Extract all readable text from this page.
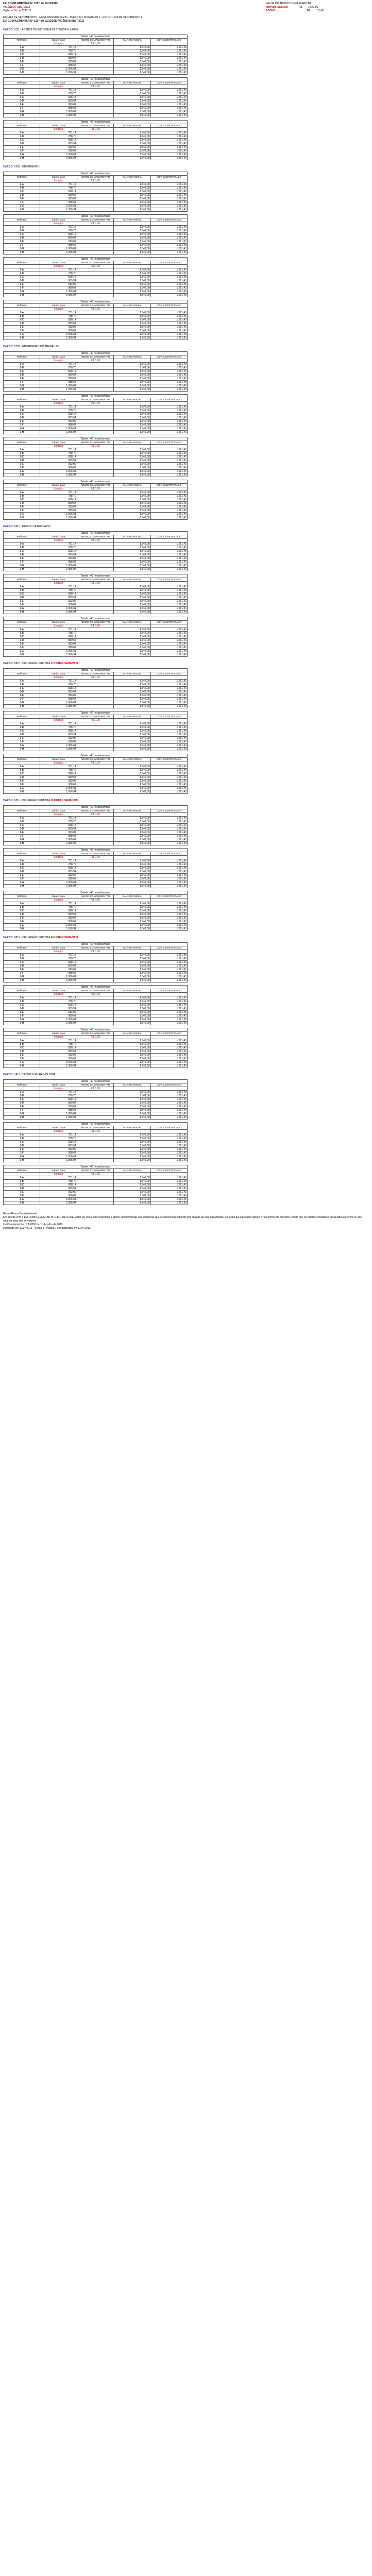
LEI COMPLEMENTAR Nº 1217, de 02/11/2013
VIGÊNCIA: 01/07/2013
Vigência Da Lei 1217/13
VALOR DO ABONO COMPLEMENTAR
Intervalo Saláriais	R$ 1.542,00
ABONO	R$ 110,00
ESCALA DE VENCIMENTOS - NÍVEL UNIVERSITÁRIO - ANEXO IV / SUBANEXO II - ESTRUTURA DE VENCIMENTO I
LEI COMPLEMENTAR Nº 1217, de 02/11/2013 VIGÊNCIA 01/07/2013
CARGO: 0111 - AGENTE TÉCNICO DE ASSISTÊNCIA À SAÚDE
Tabela - 40 horas/semana				
Ref/Grau	Salário base	ABONO COMPLEMENTAR	SALÁRIO INICIAL	100% C/CERTIFICADO
	Lotação	R$ 0,00		
1-A	751,14		1.542,00	1.661,43
1-B	788,70		1.542,00	1.661,43
1-C	828,14		1.542,00	1.661,43
1-D	869,54		1.542,00	1.661,43
1-E	913,02		1.542,00	1.661,43
1-F	958,67		1.542,00	1.661,43
1-G	1.006,61		1.542,00	1.661,43
1-H	1.056,94		1.542,00	1.661,43
Tabela - 40 horas/semana				
Ref/Grau	Salário base	ABONO COMPLEMENTAR	SALÁRIO INICIAL	100% C/CERTIFICADO
	Lotação	R$ 0,00		
1-A	751,14		1.542,00	1.661,43
1-B	788,70		1.542,00	1.661,43
1-C	828,14		1.542,00	1.661,43
1-D	869,54		1.542,00	1.661,43
1-E	913,02		1.542,00	1.661,43
1-F	958,67		1.542,00	1.661,43
1-G	1.006,61		1.542,00	1.661,43
1-H	1.056,94		1.542,00	1.661,43
Tabela - 40 horas/semana				
Ref/Grau	Salário base	ABONO COMPLEMENTAR	SALÁRIO INICIAL	100% C/CERTIFICADO
	Lotação	R$ 0,00		
1-A	751,14		1.542,00	1.661,43
1-B	788,70		1.542,00	1.661,43
1-C	828,14		1.542,00	1.661,43
1-D	869,54		1.542,00	1.661,43
1-E	913,02		1.542,00	1.661,43
1-F	958,67		1.542,00	1.661,43
1-G	1.006,61		1.542,00	1.661,43
1-H	1.056,94		1.542,00	1.661,43
CARGO: 0236 - ENFERMEIRO
Tabela - 40 horas/semana				
Ref/Grau	Salário base	ABONO COMPLEMENTAR	SALÁRIO INICIAL	100% C/CERTIFICADO
	Lotação	R$ 0,00		
1-A	751,14		1.542,00	1.661,43
1-B	788,70		1.542,00	1.661,43
1-C	828,14		1.542,00	1.661,43
1-D	869,54		1.542,00	1.661,43
1-E	913,02		1.542,00	1.661,43
1-F	958,67		1.542,00	1.661,43
1-G	1.006,61		1.542,00	1.661,43
1-H	1.056,94		1.542,00	1.661,43
Tabela - 40 horas/semana				
Ref/Grau	Salário base	ABONO COMPLEMENTAR	SALÁRIO INICIAL	100% C/CERTIFICADO
	Lotação	R$ 0,00		
1-A	751,14		1.542,00	1.661,43
1-B	788,70		1.542,00	1.661,43
1-C	828,14		1.542,00	1.661,43
1-D	869,54		1.542,00	1.661,43
1-E	913,02		1.542,00	1.661,43
1-F	958,67		1.542,00	1.661,43
1-G	1.006,61		1.542,00	1.661,43
1-H	1.056,94		1.542,00	1.661,43
Tabela - 40 horas/semana				
Ref/Grau	Salário base	ABONO COMPLEMENTAR	SALÁRIO INICIAL	100% C/CERTIFICADO
	Lotação	R$ 0,00		
1-A	751,14		1.542,00	1.661,43
1-B	788,70		1.542,00	1.661,43
1-C	828,14		1.542,00	1.661,43
1-D	869,54		1.542,00	1.661,43
1-E	913,02		1.542,00	1.661,43
1-F	958,67		1.542,00	1.661,43
1-G	1.006,61		1.542,00	1.661,43
1-H	1.056,94		1.542,00	1.661,43
Tabela - 40 horas/semana				
Ref/Grau	Salário base	ABONO COMPLEMENTAR	SALÁRIO INICIAL	100% C/CERTIFICADO
	Lotação	R$ 0,00		
1-A	751,14		1.542,00	1.661,43
1-B	788,70		1.542,00	1.661,43
1-C	828,14		1.542,00	1.661,43
1-D	869,54		1.542,00	1.661,43
1-E	913,02		1.542,00	1.661,43
1-F	958,67		1.542,00	1.661,43
1-G	1.006,61		1.542,00	1.661,43
1-H	1.056,94		1.542,00	1.661,43
CARGO: 0238 - ENFERMEIRO DO TRABALHO
Tabela - 40 horas/semana				
Ref/Grau	Salário base	ABONO COMPLEMENTAR	SALÁRIO INICIAL	100% C/CERTIFICADO
	Lotação	R$ 0,00		
1-A	751,14		1.542,00	1.661,43
1-B	788,70		1.542,00	1.661,43
1-C	828,14		1.542,00	1.661,43
1-D	869,54		1.542,00	1.661,43
1-E	913,02		1.542,00	1.661,43
1-F	958,67		1.542,00	1.661,43
1-G	1.006,61		1.542,00	1.661,43
1-H	1.056,94		1.542,00	1.661,43
Tabela - 40 horas/semana				
Ref/Grau	Salário base	ABONO COMPLEMENTAR	SALÁRIO INICIAL	100% C/CERTIFICADO
	Lotação	R$ 0,00		
1-A	751,14		1.542,00	1.661,43
1-B	788,70		1.542,00	1.661,43
1-C	828,14		1.542,00	1.661,43
1-D	869,54		1.542,00	1.661,43
1-E	913,02		1.542,00	1.661,43
1-F	958,67		1.542,00	1.661,43
1-G	1.006,61		1.542,00	1.661,43
1-H	1.056,94		1.542,00	1.661,43
Tabela - 40 horas/semana				
Ref/Grau	Salário base	ABONO COMPLEMENTAR	SALÁRIO INICIAL	100% C/CERTIFICADO
	Lotação	R$ 0,00		
1-A	751,14		1.542,00	1.661,43
1-B	788,70		1.542,00	1.661,43
1-C	828,14		1.542,00	1.661,43
1-D	869,54		1.542,00	1.661,43
1-E	913,02		1.542,00	1.661,43
1-F	958,67		1.542,00	1.661,43
1-G	1.006,61		1.542,00	1.661,43
1-H	1.056,94		1.542,00	1.661,43
Tabela - 40 horas/semana				
Ref/Grau	Salário base	ABONO COMPLEMENTAR	SALÁRIO INICIAL	100% C/CERTIFICADO
	Lotação	R$ 0,00		
1-A	751,14		1.542,00	1.661,43
1-B	788,70		1.542,00	1.661,43
1-C	828,14		1.542,00	1.661,43
1-D	869,54		1.542,00	1.661,43
1-E	913,02		1.542,00	1.661,43
1-F	958,67		1.542,00	1.661,43
1-G	1.006,61		1.542,00	1.661,43
1-H	1.056,94		1.542,00	1.661,43
CARGO: 0411 - MÉDICO VETERINÁRIO
Tabela - 40 horas/semana				
Ref/Grau	Salário base	ABONO COMPLEMENTAR	SALÁRIO INICIAL	100% C/CERTIFICADO
	Lotação	R$ 0,00		
1-A	751,14		1.542,00	1.661,43
1-B	788,70		1.542,00	1.661,43
1-C	828,14		1.542,00	1.661,43
1-D	869,54		1.542,00	1.661,43
1-E	913,02		1.542,00	1.661,43
1-F	958,67		1.542,00	1.661,43
1-G	1.006,61		1.542,00	1.661,43
1-H	1.056,94		1.542,00	1.661,43
Tabela - 40 horas/semana				
Ref/Grau	Salário base	ABONO COMPLEMENTAR	SALÁRIO INICIAL	100% C/CERTIFICADO
	Lotação	R$ 0,00		
1-A	751,14		1.542,00	1.661,43
1-B	788,70		1.542,00	1.661,43
1-C	828,14		1.542,00	1.661,43
1-D	869,54		1.542,00	1.661,43
1-E	913,02		1.542,00	1.661,43
1-F	958,67		1.542,00	1.661,43
1-G	1.006,61		1.542,00	1.661,43
1-H	1.056,94		1.542,00	1.661,43
Tabela - 40 horas/semana				
Ref/Grau	Salário base	ABONO COMPLEMENTAR	SALÁRIO INICIAL	100% C/CERTIFICADO
	Lotação	R$ 0,00		
1-A	751,14		1.542,00	1.661,43
1-B	788,70		1.542,00	1.661,43
1-C	828,14		1.542,00	1.661,43
1-D	869,54		1.542,00	1.661,43
1-E	913,02		1.542,00	1.661,43
1-F	958,67		1.542,00	1.661,43
1-G	1.006,61		1.542,00	1.661,43
1-H	1.056,94		1.542,00	1.661,43
CARGO: 0810 - CIRURGIÃO DENTISTA 12 HORAS SEMANAIS
Tabela - 40 horas/semana				
Ref/Grau	Salário base	ABONO COMPLEMENTAR	SALÁRIO INICIAL	100% C/CERTIFICADO
	Lotação	R$ 0,00		
1-A	751,14		1.542,00	1.661,43
1-B	788,70		1.542,00	1.661,43
1-C	828,14		1.542,00	1.661,43
1-D	869,54		1.542,00	1.661,43
1-E	913,02		1.542,00	1.661,43
1-F	958,67		1.542,00	1.661,43
1-G	1.006,61		1.542,00	1.661,43
1-H	1.056,94		1.542,00	1.661,43
Tabela - 40 horas/semana				
Ref/Grau	Salário base	ABONO COMPLEMENTAR	SALÁRIO INICIAL	100% C/CERTIFICADO
	Lotação	R$ 0,00		
1-A	751,14		1.542,00	1.661,43
1-B	788,70		1.542,00	1.661,43
1-C	828,14		1.542,00	1.661,43
1-D	869,54		1.542,00	1.661,43
1-E	913,02		1.542,00	1.661,43
1-F	958,67		1.542,00	1.661,43
1-G	1.006,61		1.542,00	1.661,43
1-H	1.056,94		1.542,00	1.661,43
Tabela - 40 horas/semana				
Ref/Grau	Salário base	ABONO COMPLEMENTAR	SALÁRIO INICIAL	100% C/CERTIFICADO
	Lotação	R$ 0,00		
1-A	751,14		1.542,00	1.661,43
1-B	788,70		1.542,00	1.661,43
1-C	828,14		1.542,00	1.661,43
1-D	869,54		1.542,00	1.661,43
1-E	913,02		1.542,00	1.661,43
1-F	958,67		1.542,00	1.661,43
1-G	1.006,61		1.542,00	1.661,43
1-H	1.056,94		1.542,00	1.661,43
CARGO: 0811 - CIRURGIÃO DENTISTA 20 HORAS SEMANAIS
Tabela - 40 horas/semana				
Ref/Grau	Salário base	ABONO COMPLEMENTAR	SALÁRIO INICIAL	100% C/CERTIFICADO
	Lotação	R$ 0,00		
1-A	751,14		1.542,00	1.661,43
1-B	788,70		1.542,00	1.661,43
1-C	828,14		1.542,00	1.661,43
1-D	869,54		1.542,00	1.661,43
1-E	913,02		1.542,00	1.661,43
1-F	958,67		1.542,00	1.661,43
1-G	1.006,61		1.542,00	1.661,43
1-H	1.056,94		1.542,00	1.661,43
Tabela - 40 horas/semana				
Ref/Grau	Salário base	ABONO COMPLEMENTAR	SALÁRIO INICIAL	100% C/CERTIFICADO
	Lotação	R$ 0,00		
1-A	751,14		1.542,00	1.661,43
1-B	788,70		1.542,00	1.661,43
1-C	828,14		1.542,00	1.661,43
1-D	869,54		1.542,00	1.661,43
1-E	913,02		1.542,00	1.661,43
1-F	958,67		1.542,00	1.661,43
1-G	1.006,61		1.542,00	1.661,43
1-H	1.056,94		1.542,00	1.661,43
Tabela - 40 horas/semana				
Ref/Grau	Salário base	ABONO COMPLEMENTAR	SALÁRIO INICIAL	100% C/CERTIFICADO
	Lotação	R$ 0,00		
1-A	751,14		1.542,00	1.661,43
1-B	788,70		1.542,00	1.661,43
1-C	828,14		1.542,00	1.661,43
1-D	869,54		1.542,00	1.661,43
1-E	913,02		1.542,00	1.661,43
1-F	958,67		1.542,00	1.661,43
1-G	1.006,61		1.542,00	1.661,43
1-H	1.056,94		1.542,00	1.661,43
CARGO: 0812 - CIRURGIÃO DENTISTA 24 HORAS SEMANAIS
Tabela - 40 horas/semana				
Ref/Grau	Salário base	ABONO COMPLEMENTAR	SALÁRIO INICIAL	100% C/CERTIFICADO
	Lotação	R$ 0,00		
1-A	751,14		1.542,00	1.661,43
1-B	788,70		1.542,00	1.661,43
1-C	828,14		1.542,00	1.661,43
1-D	869,54		1.542,00	1.661,43
1-E	913,02		1.542,00	1.661,43
1-F	958,67		1.542,00	1.661,43
1-G	1.006,61		1.542,00	1.661,43
1-H	1.056,94		1.542,00	1.661,43
Tabela - 40 horas/semana				
Ref/Grau	Salário base	ABONO COMPLEMENTAR	SALÁRIO INICIAL	100% C/CERTIFICADO
	Lotação	R$ 0,00		
1-A	751,14		1.542,00	1.661,43
1-B	788,70		1.542,00	1.661,43
1-C	828,14		1.542,00	1.661,43
1-D	869,54		1.542,00	1.661,43
1-E	913,02		1.542,00	1.661,43
1-F	958,67		1.542,00	1.661,43
1-G	1.006,61		1.542,00	1.661,43
1-H	1.056,94		1.542,00	1.661,43
Tabela - 40 horas/semana				
Ref/Grau	Salário base	ABONO COMPLEMENTAR	SALÁRIO INICIAL	100% C/CERTIFICADO
	Lotação	R$ 0,00		
1-A	751,14		1.542,00	1.661,43
1-B	788,70		1.542,00	1.661,43
1-C	828,14		1.542,00	1.661,43
1-D	869,54		1.542,00	1.661,43
1-E	913,02		1.542,00	1.661,43
1-F	958,67		1.542,00	1.661,43
1-G	1.006,61		1.542,00	1.661,43
1-H	1.056,94		1.542,00	1.661,43
CARGO: 1412 - TÉCNICO EM RADIOLOGIA
Tabela - 40 horas/semana				
Ref/Grau	Salário base	ABONO COMPLEMENTAR	SALÁRIO INICIAL	100% C/CERTIFICADO
	Lotação	R$ 0,00		
1-A	751,14		1.542,00	1.661,43
1-B	788,70		1.542,00	1.661,43
1-C	828,14		1.542,00	1.661,43
1-D	869,54		1.542,00	1.661,43
1-E	913,02		1.542,00	1.661,43
1-F	958,67		1.542,00	1.661,43
1-G	1.006,61		1.542,00	1.661,43
1-H	1.056,94		1.542,00	1.661,43
Tabela - 40 horas/semana				
Ref/Grau	Salário base	ABONO COMPLEMENTAR	SALÁRIO INICIAL	100% C/CERTIFICADO
	Lotação	R$ 0,00		
1-A	751,14		1.542,00	1.661,43
1-B	788,70		1.542,00	1.661,43
1-C	828,14		1.542,00	1.661,43
1-D	869,54		1.542,00	1.661,43
1-E	913,02		1.542,00	1.661,43
1-F	958,67		1.542,00	1.661,43
1-G	1.006,61		1.542,00	1.661,43
1-H	1.056,94		1.542,00	1.661,43
Tabela - 40 horas/semana				
Ref/Grau	Salário base	ABONO COMPLEMENTAR	SALÁRIO INICIAL	100% C/CERTIFICADO
	Lotação	R$ 0,00		
1-A	751,14		1.542,00	1.661,43
1-B	788,70		1.542,00	1.661,43
1-C	828,14		1.542,00	1.661,43
1-D	869,54		1.542,00	1.661,43
1-E	913,02		1.542,00	1.661,43
1-F	958,67		1.542,00	1.661,43
1-G	1.006,61		1.542,00	1.661,43
1-H	1.056,94		1.542,00	1.661,43
Nota: Abono Complementar
Em acordo com a LEI COMPLEMENTAR Nº 1.401, DE 02 DE MAIO DE 2013 será concedido o abono complementar aos servidores que o estiverem recebendo por ocasião de sua implantação, na forma da legislação vigente e nos termos do presente, sendo que os valores constantes nesta tabela referem-se aos salários base dos servidores.
Lei Complementar nº 1.2800 de 11 de julho de 2013.
Publicada em 12/07/2013 - Seção 1 - Página 1 e republicada em 17/07/2013
